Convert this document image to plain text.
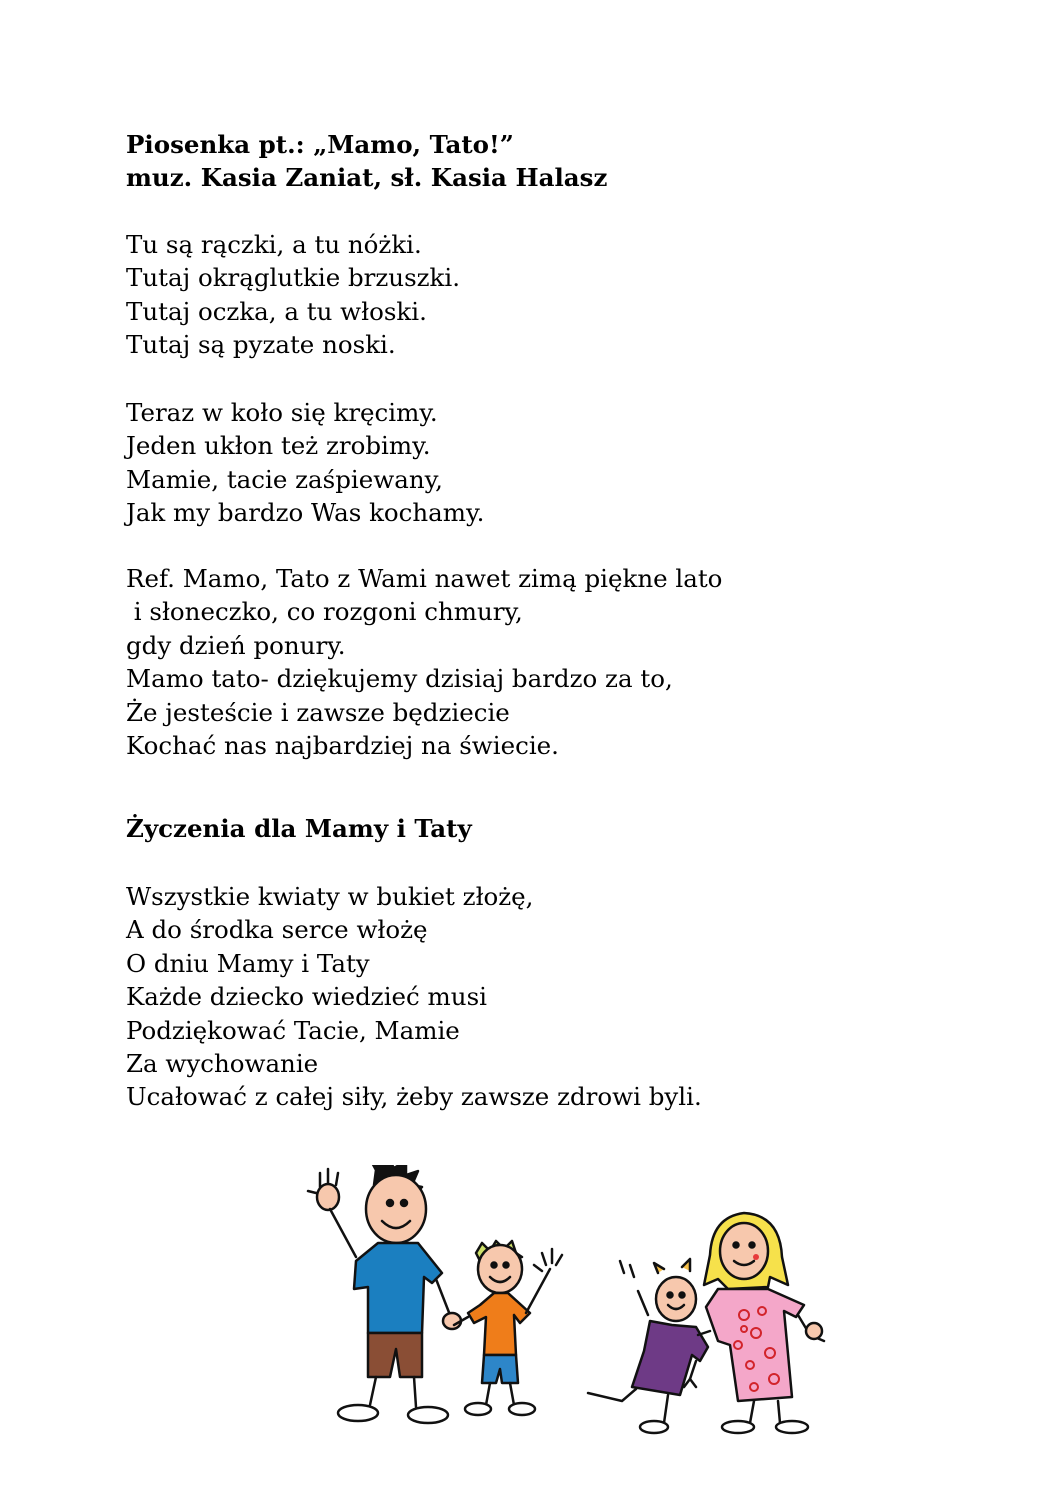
Piosenka pt.: „Mamo, Tato!”
muz. Kasia Zaniat, sł. Kasia Halasz
Tu są rączki, a tu nóżki.
Tutaj okrąglutkie brzuszki.
Tutaj oczka, a tu włoski.
Tutaj są pyzate noski.
Teraz w koło się kręcimy.
Jeden ukłon też zrobimy.
Mamie, tacie zaśpiewany,
Jak my bardzo Was kochamy.
Ref. Mamo, Tato z Wami nawet zimą piękne lato
i słoneczko, co rozgoni chmury,
gdy dzień ponury.
Mamo tato- dziękujemy dzisiaj bardzo za to,
Że jesteście i zawsze będziecie
Kochać nas najbardziej na świecie.
Życzenia dla Mamy i Taty
Wszystkie kwiaty w bukiet złożę,
A do środka serce włożę
O dniu Mamy i Taty
Każde dziecko wiedzieć musi
Podziękować Tacie, Mamie
Za wychowanie
Ucałować z całej siły, żeby zawsze zdrowi byli.
